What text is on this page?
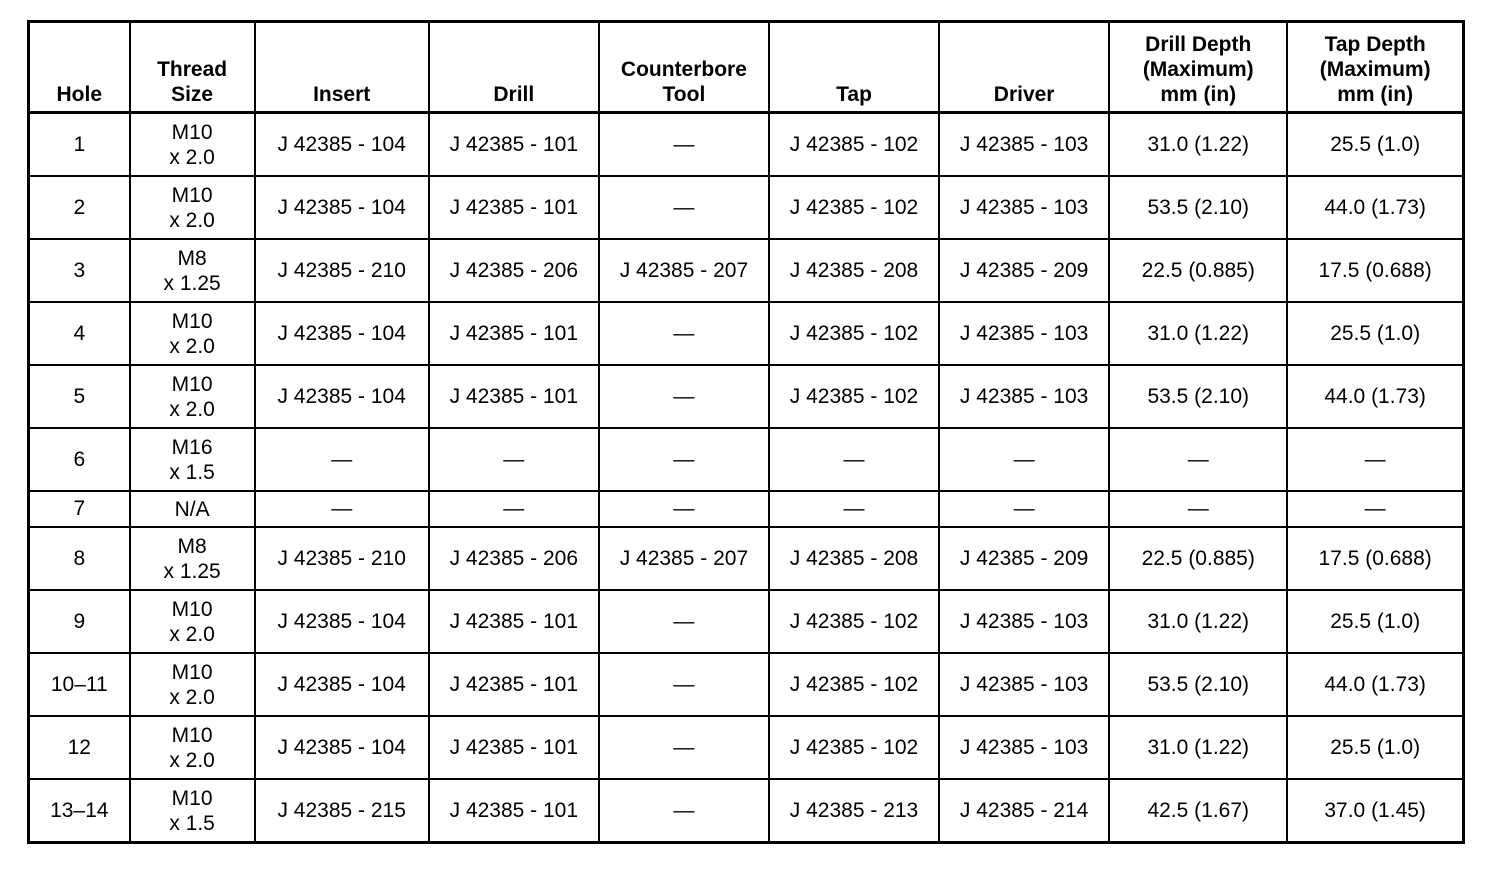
Hole	Thread
Size	Insert	Drill	Counterbore
Tool	Tap	Driver	Drill Depth
(Maximum)
mm (in)	Tap Depth
(Maximum)
mm (in)

1	M10
x 2.0	J 42385 - 104	J 42385 - 101	—	J 42385 - 102	J 42385 - 103	31.0 (1.22)	25.5 (1.0)
2	M10
x 2.0	J 42385 - 104	J 42385 - 101	—	J 42385 - 102	J 42385 - 103	53.5 (2.10)	44.0 (1.73)
3	M8
x 1.25	J 42385 - 210	J 42385 - 206	J 42385 - 207	J 42385 - 208	J 42385 - 209	22.5 (0.885)	17.5 (0.688)
4	M10
x 2.0	J 42385 - 104	J 42385 - 101	—	J 42385 - 102	J 42385 - 103	31.0 (1.22)	25.5 (1.0)
5	M10
x 2.0	J 42385 - 104	J 42385 - 101	—	J 42385 - 102	J 42385 - 103	53.5 (2.10)	44.0 (1.73)
6	M16
x 1.5	—	—	—	—	—	—	—
7	N/A	—	—	—	—	—	—	—
8	M8
x 1.25	J 42385 - 210	J 42385 - 206	J 42385 - 207	J 42385 - 208	J 42385 - 209	22.5 (0.885)	17.5 (0.688)
9	M10
x 2.0	J 42385 - 104	J 42385 - 101	—	J 42385 - 102	J 42385 - 103	31.0 (1.22)	25.5 (1.0)
10–11	M10
x 2.0	J 42385 - 104	J 42385 - 101	—	J 42385 - 102	J 42385 - 103	53.5 (2.10)	44.0 (1.73)
12	M10
x 2.0	J 42385 - 104	J 42385 - 101	—	J 42385 - 102	J 42385 - 103	31.0 (1.22)	25.5 (1.0)
13–14	M10
x 1.5	J 42385 - 215	J 42385 - 101	—	J 42385 - 213	J 42385 - 214	42.5 (1.67)	37.0 (1.45)
